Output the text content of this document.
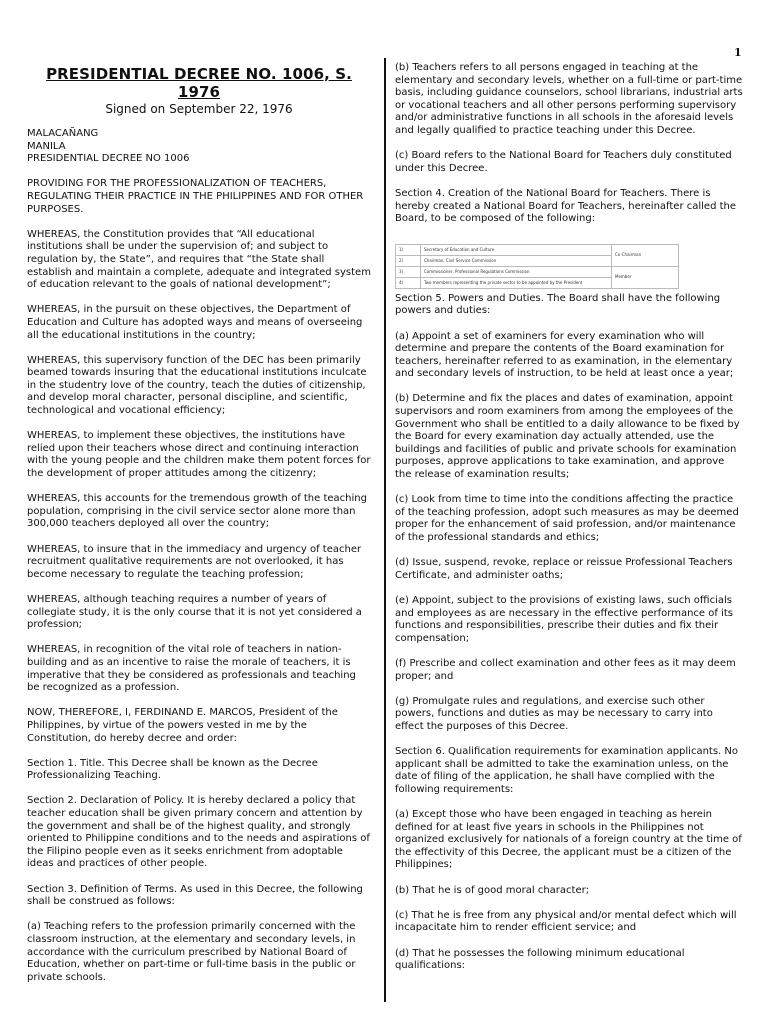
1
PRESIDENTIAL DECREE NO. 1006, S. 1976
Signed on September 22, 1976

MALACAÑANG

MANILA

PRESIDENTIAL DECREE NO 1006

PROVIDING FOR THE PROFESSIONALIZATION OF TEACHERS, REGULATING THEIR PRACTICE IN THE PHILIPPINES AND FOR OTHER PURPOSES.

WHEREAS, the Constitution provides that “All educational institutions shall be under the supervision of; and subject to regulation by, the State”, and requires that “the State shall establish and maintain a complete, adequate and integrated system of education relevant to the goals of national development”;

WHEREAS, in the pursuit on these objectives, the Department of Education and Culture has adopted ways and means of overseeing all the educational institutions in the country;

WHEREAS, this supervisory function of the DEC has been primarily beamed towards insuring that the educational institutions inculcate in the studentry love of the country, teach the duties of citizenship, and develop moral character, personal discipline, and scientific, technological and vocational efficiency;

WHEREAS, to implement these objectives, the institutions have relied upon their teachers whose direct and continuing interaction with the young people and the children make them potent forces for the development of proper attitudes among the citizenry;

WHEREAS, this accounts for the tremendous growth of the teaching population, comprising in the civil service sector alone more than 300,000 teachers deployed all over the country;

WHEREAS, to insure that in the immediacy and urgency of teacher recruitment qualitative requirements are not overlooked, it has become necessary to regulate the teaching profession;

WHEREAS, although teaching requires a number of years of collegiate study, it is the only course that it is not yet considered a profession;

WHEREAS, in recognition of the vital role of teachers in nation-building and as an incentive to raise the morale of teachers, it is imperative that they be considered as professionals and teaching be recognized as a profession.

NOW, THEREFORE, I, FERDINAND E. MARCOS, President of the Philippines, by virtue of the powers vested in me by the Constitution, do hereby decree and order:

Section 1. Title. This Decree shall be known as the Decree Professionalizing Teaching.

Section 2. Declaration of Policy. It is hereby declared a policy that teacher education shall be given primary concern and attention by the government and shall be of the highest quality, and strongly oriented to Philippine conditions and to the needs and aspirations of the Filipino people even as it seeks enrichment from adoptable ideas and practices of other people.

Section 3. Definition of Terms. As used in this Decree, the following shall be construed as follows:

(a) Teaching refers to the profession primarily concerned with the classroom instruction, at the elementary and secondary levels, in accordance with the curriculum prescribed by National Board of Education, whether on part-time or full-time basis in the public or private schools.

(b) Teachers refers to all persons engaged in teaching at the elementary and secondary levels, whether on a full-time or part-time basis, including guidance counselors, school librarians, industrial arts or vocational teachers and all other persons performing supervisory and/or administrative functions in all schools in the aforesaid levels and legally qualified to practice teaching under this Decree.

(c) Board refers to the National Board for Teachers duly constituted under this Decree.

Section 4. Creation of the National Board for Teachers. There is hereby created a National Board for Teachers, hereinafter called the Board, to be composed of the following:

1)	Secretary of Education and Culture	Co-Chairman
2)	Chairman, Civil Service Commission	
3)	Commissioner, Professional Regulations Commission	Member
4)	Two members representing the private sector to be appointed by the President	

Section 5. Powers and Duties. The Board shall have the following powers and duties:

(a) Appoint a set of examiners for every examination who will determine and prepare the contents of the Board examination for teachers, hereinafter referred to as examination, in the elementary and secondary levels of instruction, to be held at least once a year;

(b) Determine and fix the places and dates of examination, appoint supervisors and room examiners from among the employees of the Government who shall be entitled to a daily allowance to be fixed by the Board for every examination day actually attended, use the buildings and facilities of public and private schools for examination purposes, approve applications to take examination, and approve the release of examination results;

(c) Look from time to time into the conditions affecting the practice of the teaching profession, adopt such measures as may be deemed proper for the enhancement of said profession, and/or maintenance of the professional standards and ethics;

(d) Issue, suspend, revoke, replace or reissue Professional Teachers Certificate, and administer oaths;

(e) Appoint, subject to the provisions of existing laws, such officials and employees as are necessary in the effective performance of its functions and responsibilities, prescribe their duties and fix their compensation;

(f) Prescribe and collect examination and other fees as it may deem proper; and

(g) Promulgate rules and regulations, and exercise such other powers, functions and duties as may be necessary to carry into effect the purposes of this Decree.

Section 6. Qualification requirements for examination applicants. No applicant shall be admitted to take the examination unless, on the date of filing of the application, he shall have complied with the following requirements:

(a) Except those who have been engaged in teaching as herein defined for at least five years in schools in the Philippines not organized exclusively for nationals of a foreign country at the time of the effectivity of this Decree, the applicant must be a citizen of the Philippines;

(b) That he is of good moral character;

(c) That he is free from any physical and/or mental defect which will incapacitate him to render efficient service; and

(d) That he possesses the following minimum educational qualifications:
